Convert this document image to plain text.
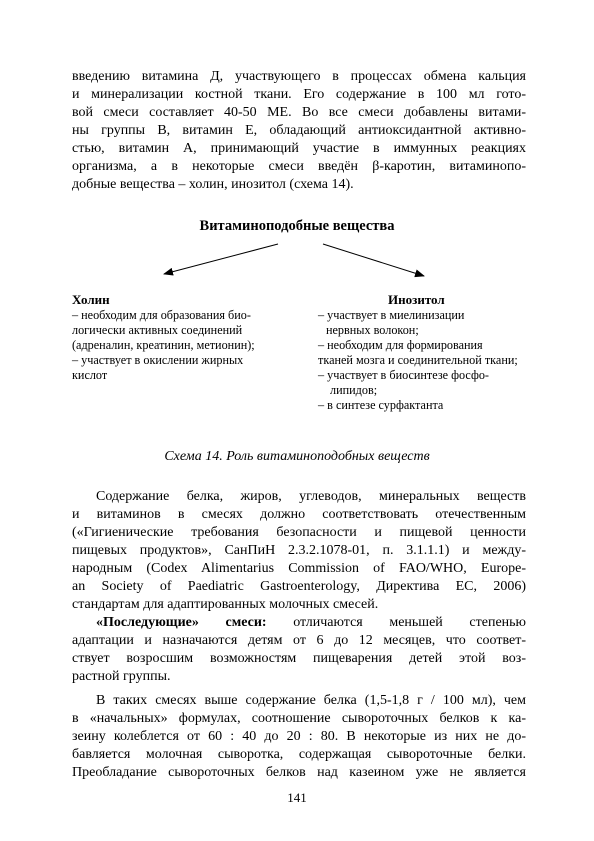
введению витамина Д, участвующего в процессах обмена кальция
и минерализации костной ткани. Его содержание в 100 мл гото-
вой смеси составляет 40-50 МЕ. Во все смеси добавлены витами-
ны группы В, витамин Е, обладающий антиоксидантной активно-
стью, витамин А, принимающий участие в иммунных реакциях
организма, а в некоторые смеси введён β-каротин, витаминопо-
добные вещества – холин, инозитол (схема 14).
Витаминоподобные вещества
Холин
– необходим для образования био-
логически активных соединений
(адреналин, креатинин, метионин);
– участвует в окислении жирных
кислот
Инозитол
– участвует в миелинизации
нервных волокон;
– необходим для формирования
тканей мозга и соединительной ткани;
– участвует в биосинтезе фосфо-
липидов;
– в синтезе сурфактанта
Схема 14. Роль витаминоподобных веществ
Содержание белка, жиров, углеводов, минеральных веществ
и витаминов в смесях должно соответствовать отечественным
(«Гигиенические требования безопасности и пищевой ценности
пищевых продуктов», СанПиН 2.3.2.1078-01, п. 3.1.1.1) и между-
народным (Codex Alimentarius Commission of FAO/WHO, Europe-
an Society of Paediatric Gastroenterology, Директива ЕС, 2006)
стандартам для адаптированных молочных смесей.
«Последующие» смеси: отличаются меньшей степенью
адаптации и назначаются детям от 6 до 12 месяцев, что соответ-
ствует возросшим возможностям пищеварения детей этой воз-
растной группы.
В таких смесях выше содержание белка (1,5-1,8 г / 100 мл), чем
в «начальных» формулах, соотношение сывороточных белков к ка-
зеину колеблется от 60 : 40 до 20 : 80. В некоторые из них не до-
бавляется молочная сыворотка, содержащая сывороточные белки.
Преобладание сывороточных белков над казеином уже не является
141
